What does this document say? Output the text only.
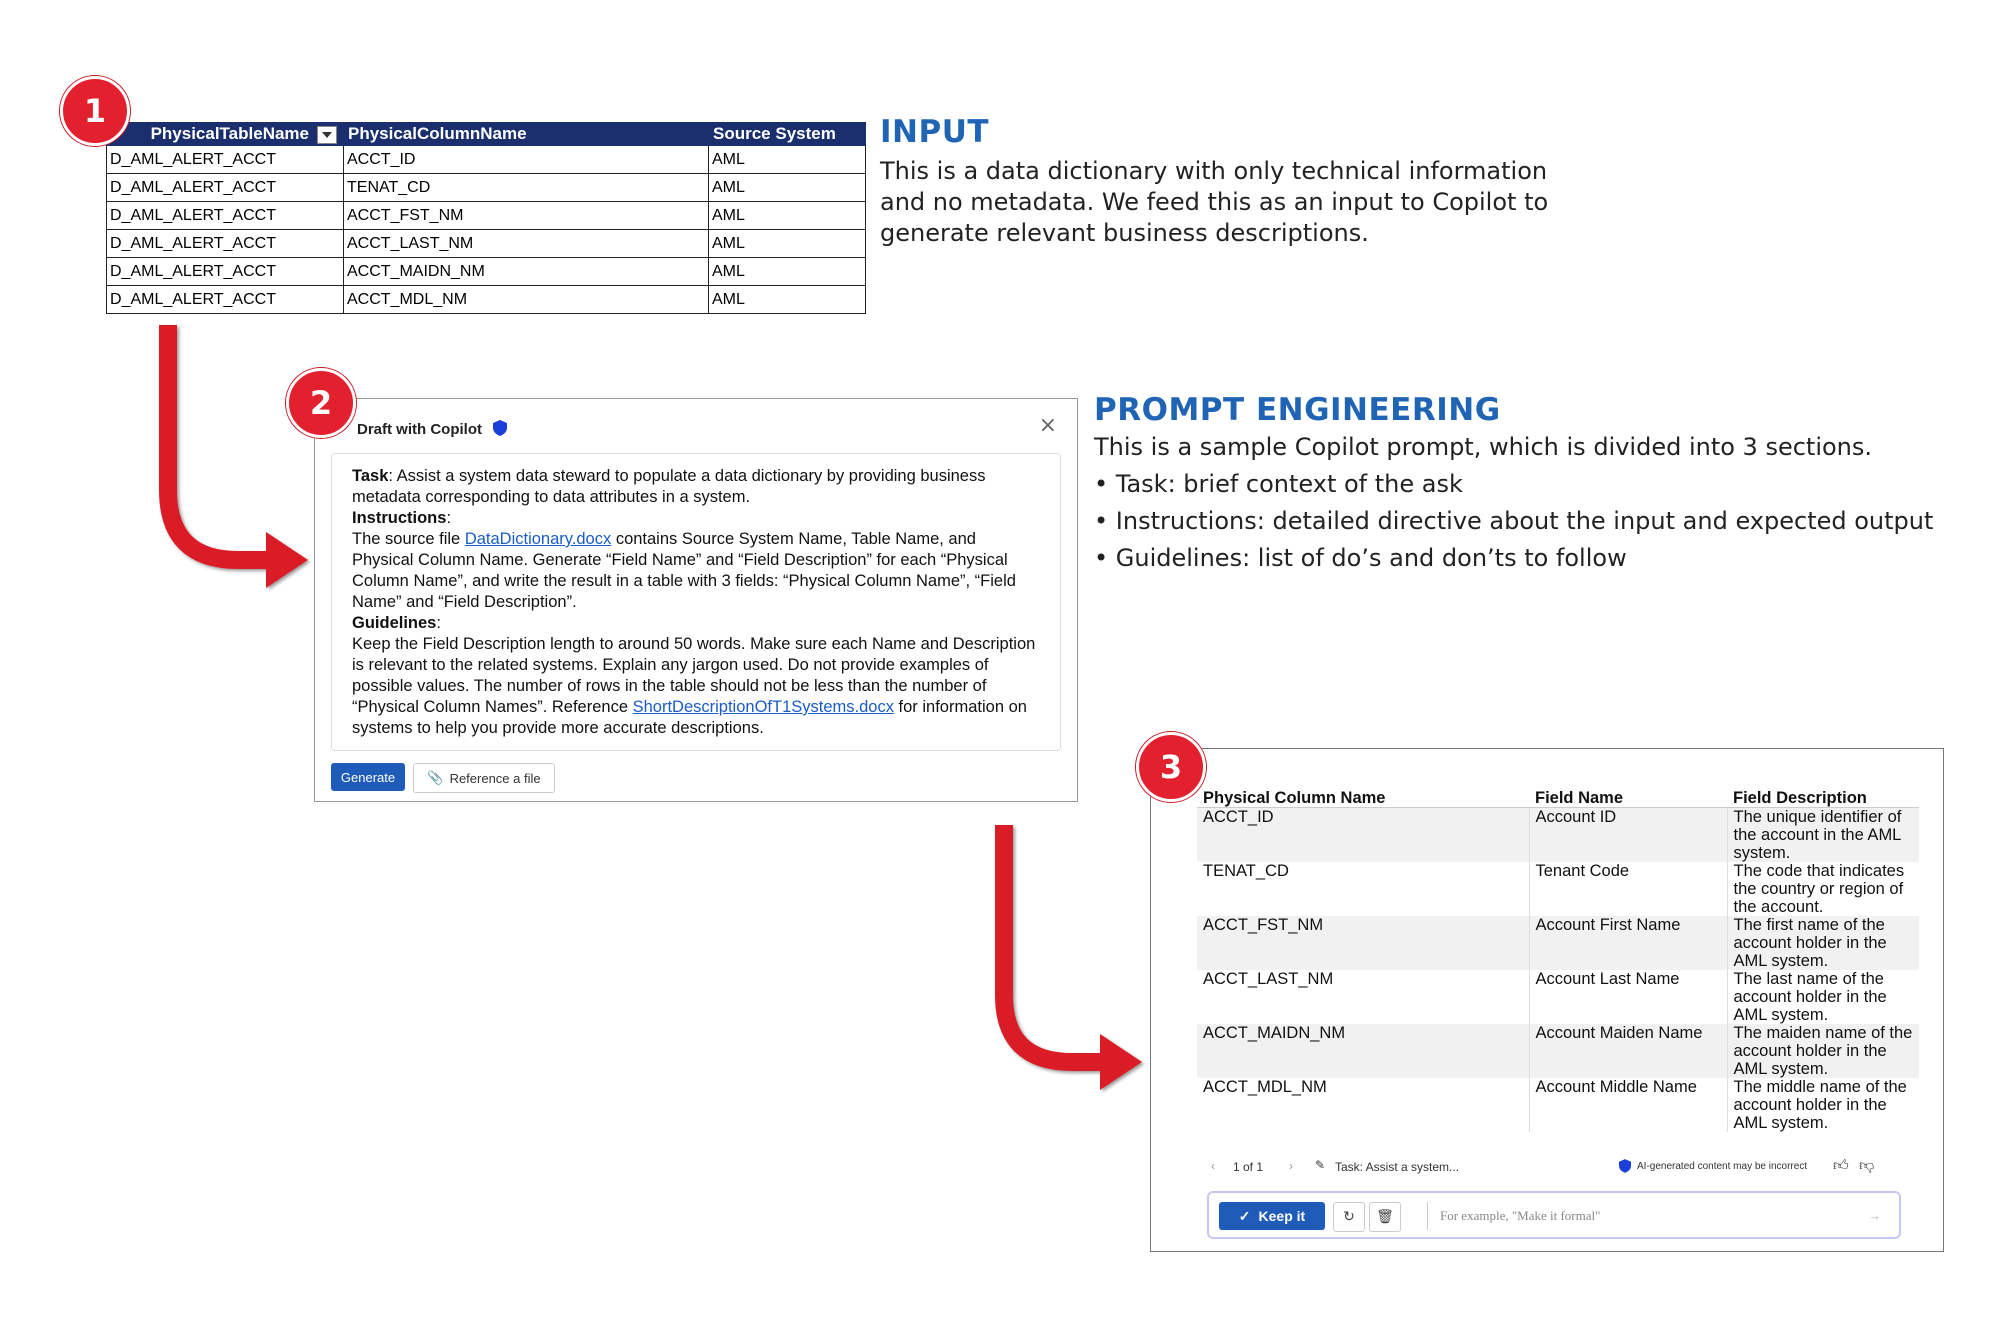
1
PhysicalTableName	PhysicalColumnName	Source System
D_AML_ALERT_ACCT	ACCT_ID	AML
D_AML_ALERT_ACCT	TENAT_CD	AML
D_AML_ALERT_ACCT	ACCT_FST_NM	AML
D_AML_ALERT_ACCT	ACCT_LAST_NM	AML
D_AML_ALERT_ACCT	ACCT_MAIDN_NM	AML
D_AML_ALERT_ACCT	ACCT_MDL_NM	AML
INPUT

This is a data dictionary with only technical information

and no metadata. We feed this as an input to Copilot to

generate relevant business descriptions.

Draft with Copilot	×

Task: Assist a system data steward to populate a data dictionary by providing business metadata corresponding to data attributes in a system.

Instructions:

The source file DataDictionary.docx contains Source System Name, Table Name, and Physical Column Name. Generate “Field Name” and “Field Description” for each “Physical Column Name”, and write the result in a table with 3 fields: “Physical Column Name”, “Field Name” and “Field Description”.

Guidelines:

Keep the Field Description length to around 50 words. Make sure each Name and Description is relevant to the related systems. Explain any jargon used. Do not provide examples of possible values. The number of rows in the table should not be less than the number of “Physical Column Names”. Reference ShortDescriptionOfT1Systems.docx for information on systems to help you provide more accurate descriptions.

Generate	📎 Reference a file
2	PROMPT ENGINEERING

This is a sample Copilot prompt, which is divided into 3 sections.

• Task: brief context of the ask

• Instructions: detailed directive about the input and expected output

• Guidelines: list of do’s and don’ts to follow

Physical Column Name	Field Name	Field Description
ACCT_ID	Account ID	The unique identifier of the account in the AML system.
TENAT_CD	Tenant Code	The code that indicates the country or region of the account.
ACCT_FST_NM	Account First Name	The first name of the account holder in the AML system.
ACCT_LAST_NM	Account Last Name	The last name of the account holder in the AML system.
ACCT_MAIDN_NM	Account Maiden Name	The maiden name of the account holder in the AML system.
ACCT_MDL_NM	Account Middle Name	The middle name of the account holder in the AML system.
‹ 1 of 1 › ✎ Task: Assist a system...	AI-generated content may be incorrect 👍︎ 👎︎
✓ Keep it	↻ 🗑︎	For example, "Make it formal"	→
3
